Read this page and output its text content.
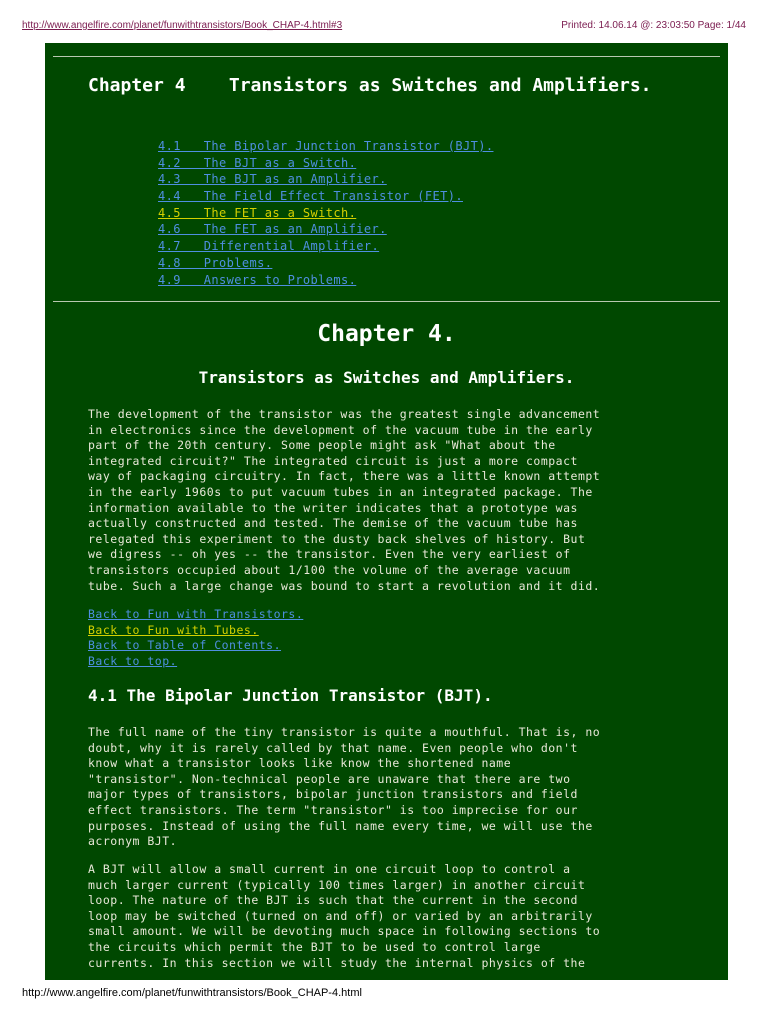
http://www.angelfire.com/planet/funwithtransistors/Book_CHAP-4.html#3	Printed: 14.06.14 @: 23:03:50 Page: 1/44
Chapter 4    Transistors as Switches and Amplifiers.
4.1   The Bipolar Junction Transistor (BJT).
4.2   The BJT as a Switch.
4.3   The BJT as an Amplifier.
4.4   The Field Effect Transistor (FET).
4.5   The FET as a Switch.
4.6   The FET as an Amplifier.
4.7   Differential Amplifier.
4.8   Problems.
4.9   Answers to Problems.
Chapter 4.
Transistors as Switches and Amplifiers.

The development of the transistor was the greatest single advancement
in electronics since the development of the vacuum tube in the early
part of the 20th century. Some people might ask "What about the
integrated circuit?" The integrated circuit is just a more compact
way of packaging circuitry. In fact, there was a little known attempt
in the early 1960s to put vacuum tubes in an integrated package. The
information available to the writer indicates that a prototype was
actually constructed and tested. The demise of the vacuum tube has
relegated this experiment to the dusty back shelves of history. But
we digress -- oh yes -- the transistor. Even the very earliest of
transistors occupied about 1/100 the volume of the average vacuum
tube. Such a large change was bound to start a revolution and it did.

Back to Fun with Transistors.
Back to Fun with Tubes.
Back to Table of Contents.
Back to top.
4.1 The Bipolar Junction Transistor (BJT).

The full name of the tiny transistor is quite a mouthful. That is, no
doubt, why it is rarely called by that name. Even people who don't
know what a transistor looks like know the shortened name
"transistor". Non-technical people are unaware that there are two
major types of transistors, bipolar junction transistors and field
effect transistors. The term "transistor" is too imprecise for our
purposes. Instead of using the full name every time, we will use the
acronym BJT.

A BJT will allow a small current in one circuit loop to control a
much larger current (typically 100 times larger) in another circuit
loop. The nature of the BJT is such that the current in the second
loop may be switched (turned on and off) or varied by an arbitrarily
small amount. We will be devoting much space in following sections to
the circuits which permit the BJT to be used to control large
currents. In this section we will study the internal physics of the

http://www.angelfire.com/planet/funwithtransistors/Book_CHAP-4.html
